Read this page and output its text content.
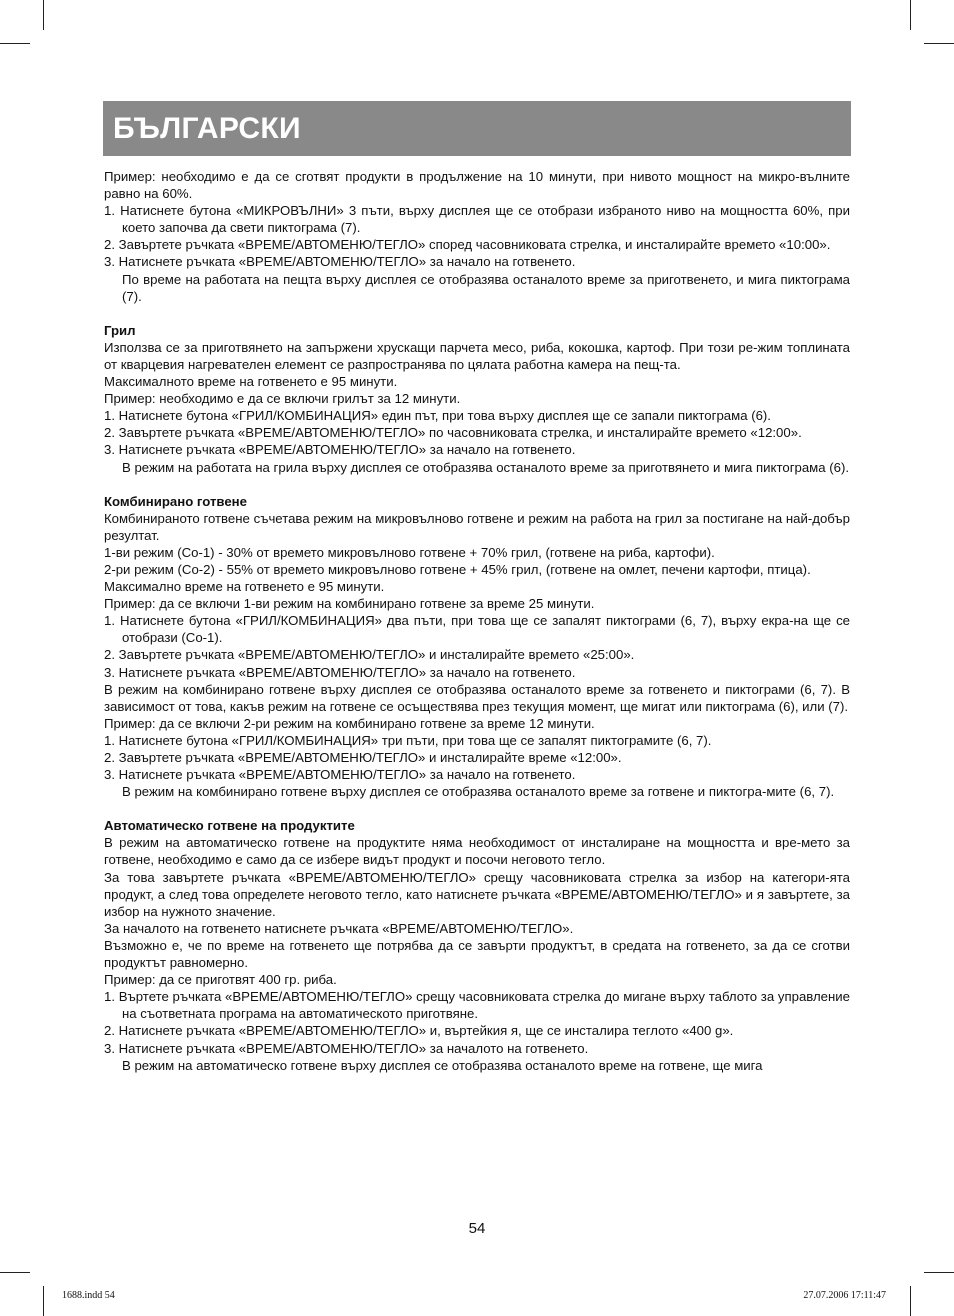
БЪЛГАРСКИ

Пример: необходимо е да се сготвят продукти в продължение на 10 минути, при нивото мощност на микро-вълните равно на 60%.

1. Натиснете бутона «МИКРОВЪЛНИ» 3 пъти, върху дисплея ще се отобрази избраното ниво на мощността 60%, при което започва да свети пиктограма (7).

2. Завъртете ръчката «ВРЕМЕ/АВТОМЕНЮ/ТЕГЛО» според часовниковата стрелка, и инсталирайте времето «10:00».

3. Натиснете ръчката «ВРЕМЕ/АВТОМЕНЮ/ТЕГЛО» за начало на готвенето.

По време на работата на пещта върху дисплея се отобразява останалото време за приготвенето, и мига пиктограма (7).

Грил

Използва се за приготвянето на запържени хрускащи парчета месо, риба, кокошка, картоф. При този ре-жим топлината от кварцевия нагревателен елемент се разпространява по цялата работна камера на пещ-та.

Максималното време на готвенето е 95 минути.

Пример: необходимо е да се включи грилът за 12 минути.

1. Натиснете бутона «ГРИЛ/КОМБИНАЦИЯ» един път, при това върху дисплея ще се запали пиктограма (6).

2. Завъртете ръчката «ВРЕМЕ/АВТОМЕНЮ/ТЕГЛО» по часовниковата стрелка, и инсталирайте времето «12:00».

3. Натиснете ръчката «ВРЕМЕ/АВТОМЕНЮ/ТЕГЛО» за начало на готвенето.

В режим на работата на грила върху дисплея се отобразява останалото време за приготвянето и мига пиктограма (6).

Комбинирано готвене

Комбинираното готвене съчетава режим на микровълново готвене и режим на работа на грил за постигане на най-добър резултат.

1-ви режим (Со-1) - 30% от времето микровълново готвене + 70% грил, (готвене на риба, картофи).

2-ри режим (Со-2) - 55% от времето микровълново готвене + 45% грил, (готвене на омлет, печени картофи, птица).

Максимално време на готвенето е 95 минути.

Пример: да се включи 1-ви режим на комбинирано готвене за време 25 минути.

1. Натиснете бутона «ГРИЛ/КОМБИНАЦИЯ» два пъти, при това ще се запалят пиктограми (6, 7), върху екра-на ще се отобрази (Со-1).

2. Завъртете ръчката «ВРЕМЕ/АВТОМЕНЮ/ТЕГЛО» и инсталирайте времето «25:00».

3. Натиснете ръчката «ВРЕМЕ/АВТОМЕНЮ/ТЕГЛО» за начало на готвенето.

В режим на комбинирано готвене върху дисплея се отобразява останалото време за готвенето и пиктограми (6, 7). В зависимост от това, какъв режим на готвене се осъществява през текущия момент, ще мигат или пиктограма (6), или (7).

Пример: да се включи 2-ри режим на комбинирано готвене за време 12 минути.

1. Натиснете бутона «ГРИЛ/КОМБИНАЦИЯ» три пъти, при това ще се запалят пиктограмите (6, 7).

2. Завъртете ръчката «ВРЕМЕ/АВТОМЕНЮ/ТЕГЛО» и инсталирайте време «12:00».

3. Натиснете ръчката «ВРЕМЕ/АВТОМЕНЮ/ТЕГЛО» за начало на готвенето.

В режим на комбинирано готвене върху дисплея се отобразява останалото време за готвене и пиктогра-мите (6, 7).

Автоматическо готвене на продуктите

В режим на автоматическо готвене на продуктите няма необходимост от инсталиране на мощността и вре-мето за готвене, необходимо е само да се избере видът продукт и посочи неговото тегло.

За това завъртете ръчката «ВРЕМЕ/АВТОМЕНЮ/ТЕГЛО» срещу часовниковата стрелка за избор на категори-ята продукт, а след това определете неговото тегло, като натиснете ръчката «ВРЕМЕ/АВТОМЕНЮ/ТЕГЛО» и я завъртете, за избор на нужното значение.

За началото на готвенето натиснете ръчката «ВРЕМЕ/АВТОМЕНЮ/ТЕГЛО».

Възможно е, че по време на готвенето ще потрябва да се завърти продуктът, в средата на готвенето, за да се сготви продуктът равномерно.

Пример: да се приготвят 400 гр. риба.

1. Въртете ръчката «ВРЕМЕ/АВТОМЕНЮ/ТЕГЛО» срещу часовниковата стрелка до мигане върху таблото за управление на съответната програма на автоматическото приготвяне.

2. Натиснете ръчката «ВРЕМЕ/АВТОМЕНЮ/ТЕГЛО» и, въртейкия я, ще се инсталира теглото «400 g».

3. Натиснете ръчката «ВРЕМЕ/АВТОМЕНЮ/ТЕГЛО» за началото на готвенето.

В режим на автоматическо готвене върху дисплея се отобразява останалото време на готвене, ще мига

54
1688.indd 54	27.07.2006 17:11:47
